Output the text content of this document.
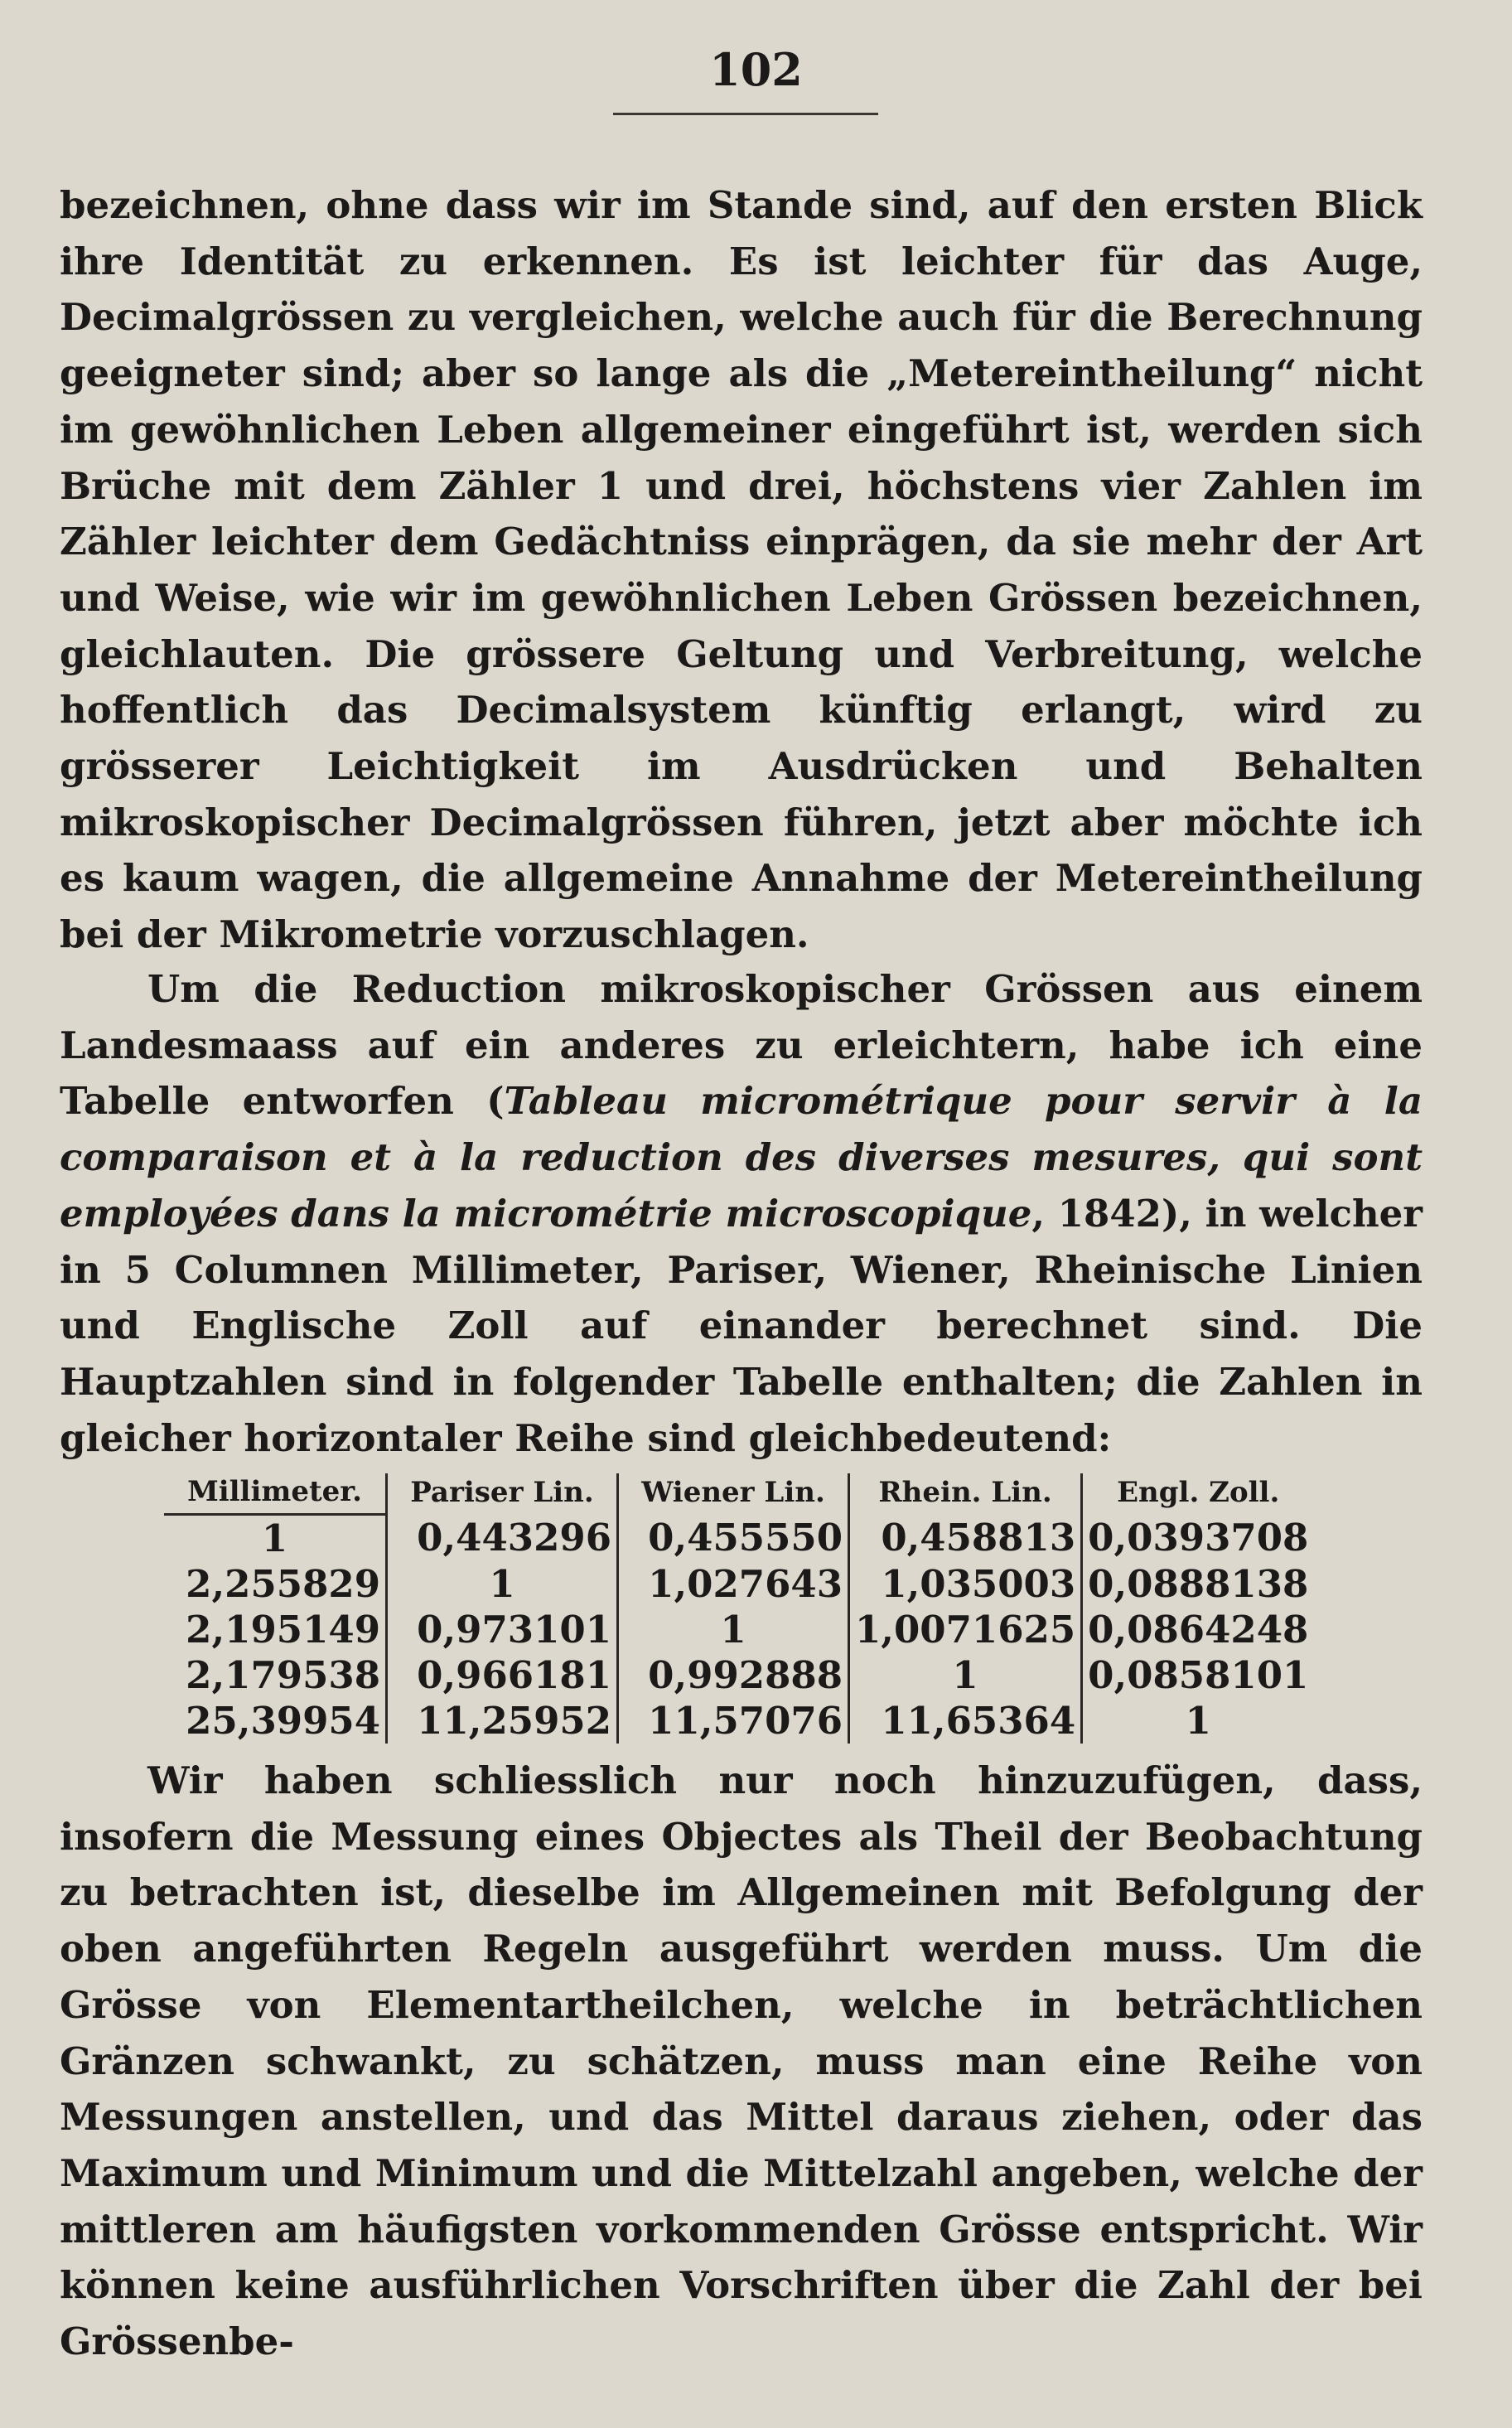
102
bezeichnen, ohne dass wir im Stande sind, auf den ersten Blick ihre Identität zu erkennen. Es ist leichter für das Auge, Decimalgrössen zu vergleichen, welche auch für die Berechnung geeigneter sind; aber so lange als die „Metereintheilung“ nicht im gewöhnlichen Leben allgemeiner eingeführt ist, werden sich Brüche mit dem Zähler 1 und drei, höchstens vier Zahlen im Zähler leichter dem Gedächtniss einprägen, da sie mehr der Art und Weise, wie wir im gewöhnlichen Leben Grössen bezeichnen, gleichlauten. Die grössere Geltung und Verbreitung, welche hoffentlich das Decimalsystem künftig erlangt, wird zu grösserer Leichtigkeit im Ausdrücken und Behalten mikroskopischer Decimalgrössen führen, jetzt aber möchte ich es kaum wagen, die allgemeine Annahme der Metereintheilung bei der Mikrometrie vorzuschlagen.
Um die Reduction mikroskopischer Grössen aus einem Landesmaass auf ein anderes zu erleichtern, habe ich eine Tabelle entworfen (Tableau micrométrique pour servir à la comparaison et à la reduction des diverses mesures, qui sont employées dans la micrométrie microscopique, 1842), in welcher in 5 Columnen Millimeter, Pariser, Wiener, Rheinische Linien und Englische Zoll auf einander berechnet sind. Die Hauptzahlen sind in folgender Tabelle enthalten; die Zahlen in gleicher horizontaler Reihe sind gleichbedeutend:
Millimeter.	Pariser Lin.	Wiener Lin.	Rhein. Lin.	Engl. Zoll.
1	0,443296	0,455550	0,458813	0,0393708
2,255829	1	1,027643	1,035003	0,0888138
2,195149	0,973101	1	1,0071625	0,0864248
2,179538	0,966181	0,992888	1	0,0858101
25,39954	11,25952	11,57076	11,65364	1
Wir haben schliesslich nur noch hinzuzufügen, dass, insofern die Messung eines Objectes als Theil der Beobachtung zu betrachten ist, dieselbe im Allgemeinen mit Befolgung der oben angeführten Regeln ausgeführt werden muss. Um die Grösse von Elementartheilchen, welche in beträchtlichen Gränzen schwankt, zu schätzen, muss man eine Reihe von Messungen anstellen, und das Mittel daraus ziehen, oder das Maximum und Minimum und die Mittelzahl angeben, welche der mittleren am häufigsten vorkommenden Grösse entspricht. Wir können keine ausführlichen Vorschriften über die Zahl der bei Grössenbe-
